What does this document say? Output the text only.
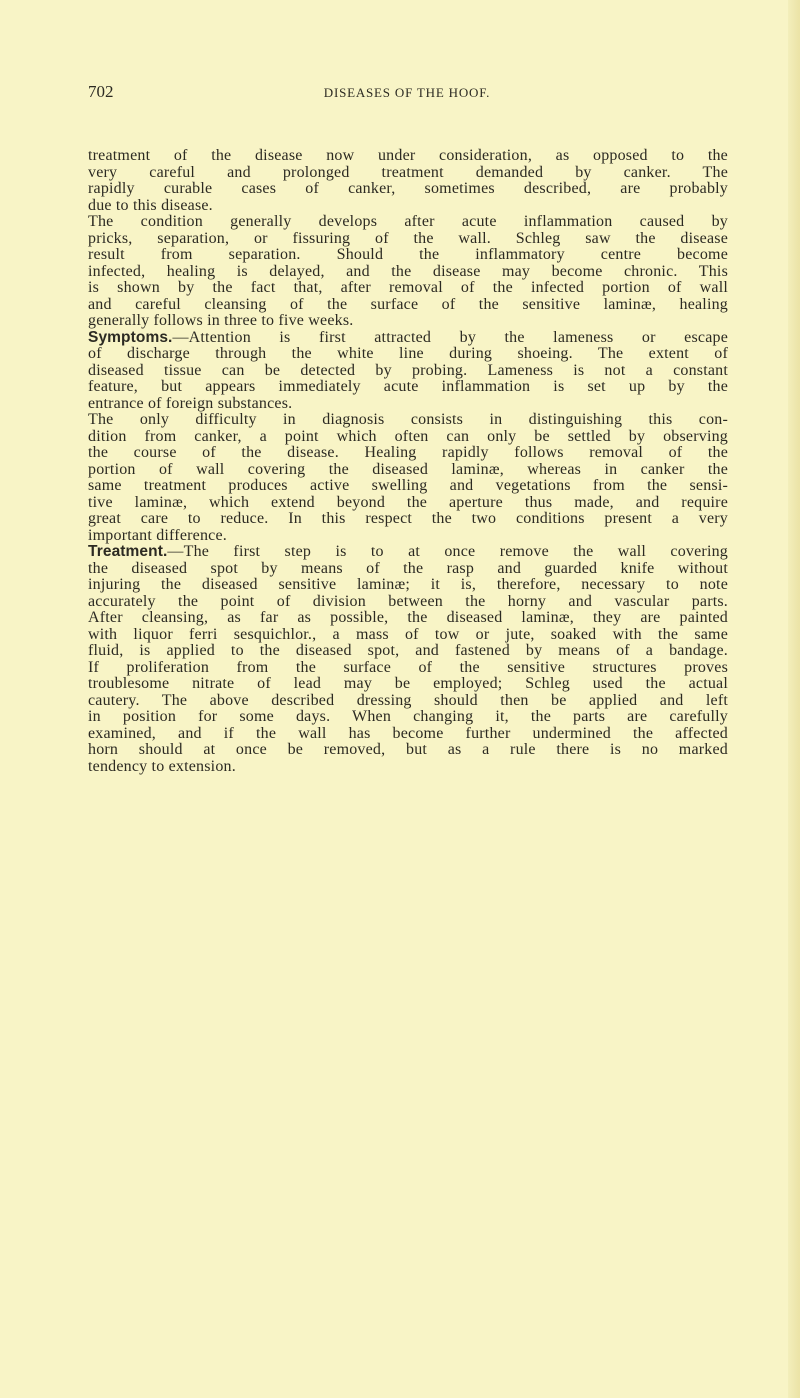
702	DISEASES OF THE HOOF.
treatment of the disease now under consideration, as opposed to the
very careful and prolonged treatment demanded by canker. The
rapidly curable cases of canker, sometimes described, are probably
due to this disease.
The condition generally develops after acute inflammation caused by
pricks, separation, or fissuring of the wall. Schleg saw the disease
result from separation. Should the inflammatory centre become
infected, healing is delayed, and the disease may become chronic. This
is shown by the fact that, after removal of the infected portion of wall
and careful cleansing of the surface of the sensitive laminæ, healing
generally follows in three to five weeks.
Symptoms.—Attention is first attracted by the lameness or escape
of discharge through the white line during shoeing. The extent of
diseased tissue can be detected by probing. Lameness is not a constant
feature, but appears immediately acute inflammation is set up by the
entrance of foreign substances.
The only difficulty in diagnosis consists in distinguishing this con-
dition from canker, a point which often can only be settled by observing
the course of the disease. Healing rapidly follows removal of the
portion of wall covering the diseased laminæ, whereas in canker the
same treatment produces active swelling and vegetations from the sensi-
tive laminæ, which extend beyond the aperture thus made, and require
great care to reduce. In this respect the two conditions present a very
important difference.
Treatment.—The first step is to at once remove the wall covering
the diseased spot by means of the rasp and guarded knife without
injuring the diseased sensitive laminæ; it is, therefore, necessary to note
accurately the point of division between the horny and vascular parts.
After cleansing, as far as possible, the diseased laminæ, they are painted
with liquor ferri sesquichlor., a mass of tow or jute, soaked with the same
fluid, is applied to the diseased spot, and fastened by means of a bandage.
If proliferation from the surface of the sensitive structures proves
troublesome nitrate of lead may be employed; Schleg used the actual
cautery. The above described dressing should then be applied and left
in position for some days. When changing it, the parts are carefully
examined, and if the wall has become further undermined the affected
horn should at once be removed, but as a rule there is no marked
tendency to extension.
